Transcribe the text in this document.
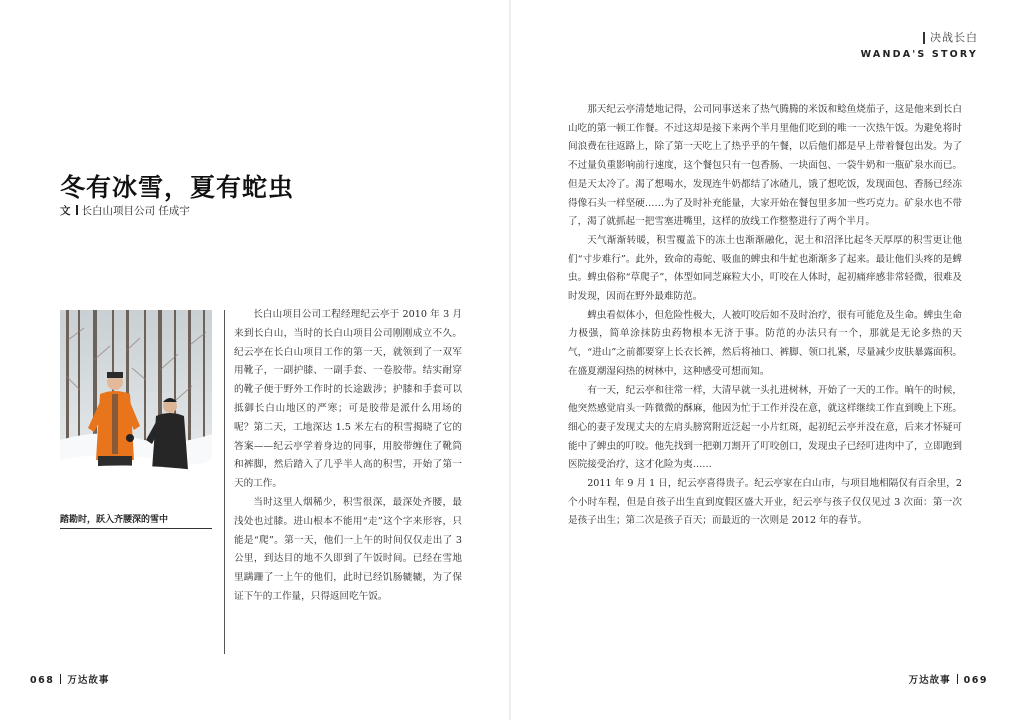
决战长白
WANDA'S STORY
冬有冰雪，夏有蛇虫
文 长白山项目公司 任成宇
踏勘时，跃入齐腰深的雪中

长白山项目公司工程经理纪云亭于 2010 年 3 月来到长白山，当时的长白山项目公司刚刚成立不久。纪云亭在长白山项目工作的第一天，就领到了一双军用靴子，一副护膝、一副手套、一卷胶带。结实耐穿的靴子便于野外工作时的长途跋涉；护膝和手套可以抵御长白山地区的严寒；可是胶带是派什么用场的呢？第二天，工地深达 1.5 米左右的积雪揭晓了它的答案——纪云亭学着身边的同事，用胶带缠住了靴筒和裤脚，然后踏入了几乎半人高的积雪，开始了第一天的工作。

当时这里人烟稀少，积雪很深，最深处齐腰，最浅处也过膝。进山根本不能用“走”这个字来形容，只能是“爬”。第一天，他们一上午的时间仅仅走出了 3 公里，到达目的地不久即到了午饭时间。已经在雪地里蹒跚了一上午的他们，此时已经饥肠辘辘，为了保证下午的工作量，只得返回吃午饭。

那天纪云亭清楚地记得，公司同事送来了热气腾腾的米饭和鲶鱼烧茄子，这是他来到长白山吃的第一顿工作餐。不过这却是接下来两个半月里他们吃到的唯一一次热午饭。为避免将时间浪费在往返路上，除了第一天吃上了热乎乎的午餐，以后他们都是早上带着餐包出发。为了不过量负重影响前行速度，这个餐包只有一包香肠、一块面包、一袋牛奶和一瓶矿泉水而已。但是天太冷了。渴了想喝水，发现连牛奶都结了冰碴儿，饿了想吃饭，发现面包、香肠已经冻得像石头一样坚硬……为了及时补充能量，大家开始在餐包里多加一些巧克力。矿泉水也不带了，渴了就抓起一把雪塞进嘴里，这样的放线工作整整进行了两个半月。

天气渐渐转暖，积雪覆盖下的冻土也渐渐融化，泥土和沼泽比起冬天厚厚的积雪更让他们“寸步难行”。此外，致命的毒蛇、吸血的蜱虫和牛虻也渐渐多了起来。最让他们头疼的是蜱虫。蜱虫俗称“草爬子”，体型如同芝麻粒大小，叮咬在人体时，起初痛痒感非常轻微，很难及时发现，因而在野外最难防范。

蜱虫看似体小，但危险性极大，人被叮咬后如不及时治疗，很有可能危及生命。蜱虫生命力极强，简单涂抹防虫药物根本无济于事。防范的办法只有一个，那就是无论多热的天气，“进山”之前都要穿上长衣长裤，然后将袖口、裤脚、领口扎紧，尽量减少皮肤暴露面积。在盛夏潮湿闷热的树林中，这种感受可想而知。

有一天，纪云亭和往常一样，大清早就一头扎进树林，开始了一天的工作。晌午的时候，他突然感觉肩头一阵微微的酥麻，他因为忙于工作并没在意，就这样继续工作直到晚上下班。细心的妻子发现丈夫的左肩头膀窝附近泛起一小片红斑，起初纪云亭并没在意，后来才怀疑可能中了蜱虫的叮咬。他先找到一把剃刀割开了叮咬创口，发现虫子已经叮进肉中了，立即跑到医院接受治疗，这才化险为夷……

2011 年 9 月 1 日，纪云亭喜得贵子。纪云亭家在白山市，与项目地相隔仅有百余里，2 个小时车程，但是自孩子出生直到度假区盛大开业，纪云亭与孩子仅仅见过 3 次面：第一次是孩子出生；第二次是孩子百天；而最近的一次则是 2012 年的春节。

068 万达故事	万达故事 069
